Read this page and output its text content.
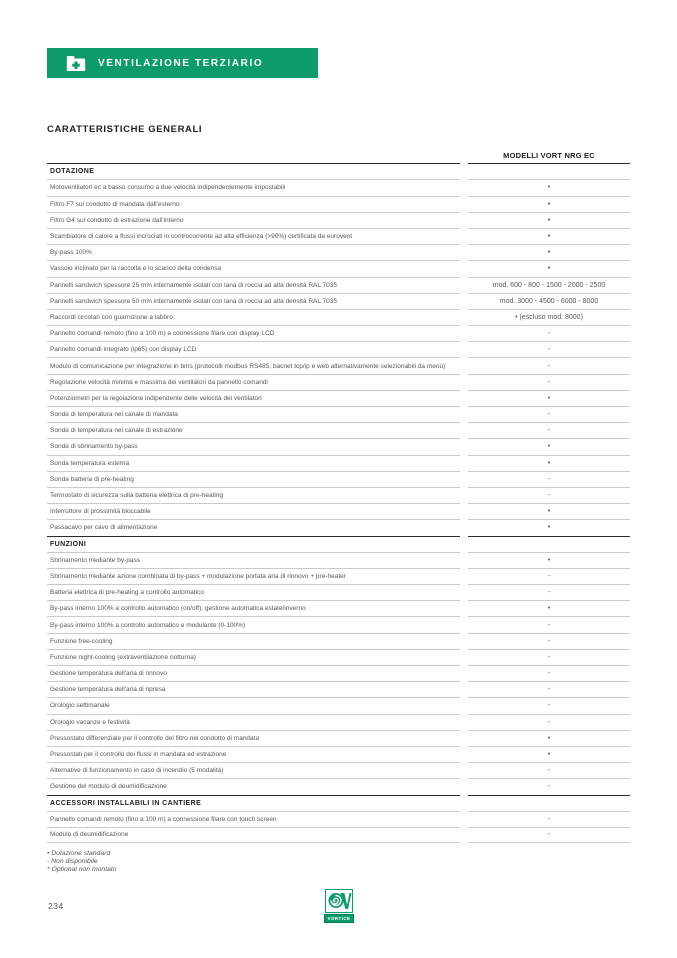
VENTILAZIONE TERZIARIO
CARATTERISTICHE GENERALI
MODELLI VORT NRG EC
DOTAZIONE
Motoventilatori ec a basso consumo a due velocità indipendentemente impostabili	•
Filtro F7 sul condotto di mandata dall'esterno	•
Filtro G4 sul condotto di estrazione dall'interno	•
Scambiatore di calore a flussi incrociati in controcorrente ad alta efficienza (>90%) certificata da eurovent	•
By-pass 100%	•
Vassoio inclinato per la raccolta e lo scarico della condensa	•
Pannelli sandwich spessore 25 mm internamente isolati con lana di roccia ad alta densità RAL 7035	mod. 600 - 800 - 1500 - 2000 - 2500
Pannelli sandwich spessore 50 mm internamente isolati con lana di roccia ad alta densità RAL 7035	mod. 3000 - 4500 - 6000 - 8000
Raccordi circolari con guarnizione a labbro	• (escluso mod. 8000)
Pannello comandi remoto (fino a 100 m) a connessione filare con display LCD	-
Pannello comandi integrato (ip65) con display LCD	-
Modulo di comunicazione per integrazione in bms (protocolli modbus RS485, bacnet tcp/ip e web alternativamente selezionabili da menù)	-
Regolazione velocità minima e massima dei ventilatori da pannello comandi	-
Potenziometri per la regolazione indipendente delle velocità dei ventilatori	•
Sonda di temperatura nel canale di mandata	-
Sonda di temperatura nel canale di estrazione	-
Sonda di sbrinamento by-pass	•
Sonda temperatura esterna	•
Sonda batteria di pre-heating	-
Termostato di sicurezza sulla batteria elettrica di pre-heating	-
Interruttore di prossimità bloccabile	•
Passacavo per cavo di alimentazione	•
FUNZIONI
Sbrinamento mediante by-pass	•
Sbrinamento mediante azione combinata di by-pass + modulazione portata aria di rinnovo + pre-heater	-
Batteria elettrica di pre-heating a controllo automatico	-
By-pass interno 100% a controllo automatico (on/off), gestione automatica estate/inverno	•
By-pass interno 100% a controllo automatico e modulante (0-100%)	-
Funzione free-cooling	-
Funzione night-cooling (extraventilazione notturna)	-
Gestione temperatura dell'aria di rinnovo	-
Gestione temperatura dell'aria di ripresa	-
Orologio settimanale	-
Orologio vacanze e festività	-
Pressostato differenziale per il controllo del filtro nel condotto di mandata	•
Pressostati per il controllo dei flussi in mandata ed estrazione	•
Alternative di funzionamento in caso di incendio (5 modalità)	-
Gestione del modulo di deumidificazione	-
ACCESSORI INSTALLABILI IN CANTIERE
Pannello comandi remoto (fino a 100 m) a connessione filare con touch screen	-
Modulo di deumidificazione	-
• Dotazione standard
- Non disponibile
* Optional non montato
234
VORTICE
